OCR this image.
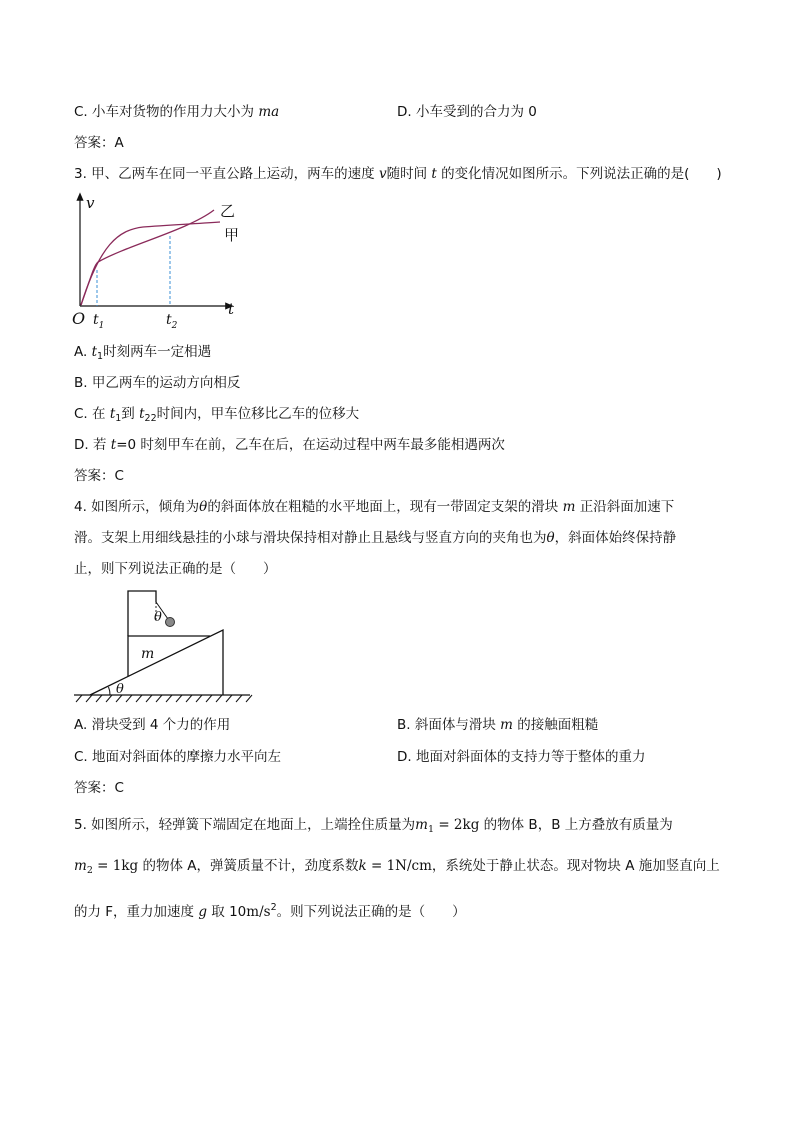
C. 小车对货物的作用力大小为 ma	D. 小车受到的合力为 0
答案：A
3. 甲、乙两车在同一平直公路上运动，两车的速度 v随时间 t 的变化情况如图所示。下列说法正确的是(　　)
v
t
O $t_1$	$t_2$
乙
甲
A. $t_1$时刻两车一定相遇
B. 甲乙两车的运动方向相反
C. 在 $t_1$到 $t_{22}$时间内，甲车位移比乙车的位移大
D. 若 t=0 时刻甲车在前，乙车在后，在运动过程中两车最多能相遇两次
答案：C
4. 如图所示，倾角为θ的斜面体放在粗糙的水平地面上，现有一带固定支架的滑块 m 正沿斜面加速下
滑。支架上用细线悬挂的小球与滑块保持相对静止且悬线与竖直方向的夹角也为θ，斜面体始终保持静
止，则下列说法正确的是（　　）
θ
m
θ
A. 滑块受到 4 个力的作用	B. 斜面体与滑块 m 的接触面粗糙
C. 地面对斜面体的摩擦力水平向左	D. 地面对斜面体的支持力等于整体的重力
答案：C
5. 如图所示，轻弹簧下端固定在地面上，上端拴住质量为$m_1 = 2kg$ 的物体 B，B 上方叠放有质量为
$m_2 = 1kg$ 的物体 A，弹簧质量不计，劲度系数k = 1N/cm，系统处于静止状态。现对物块 A 施加竖直向上
的力 F，重力加速度 g 取 $10m/s^2$。则下列说法正确的是（　　）
